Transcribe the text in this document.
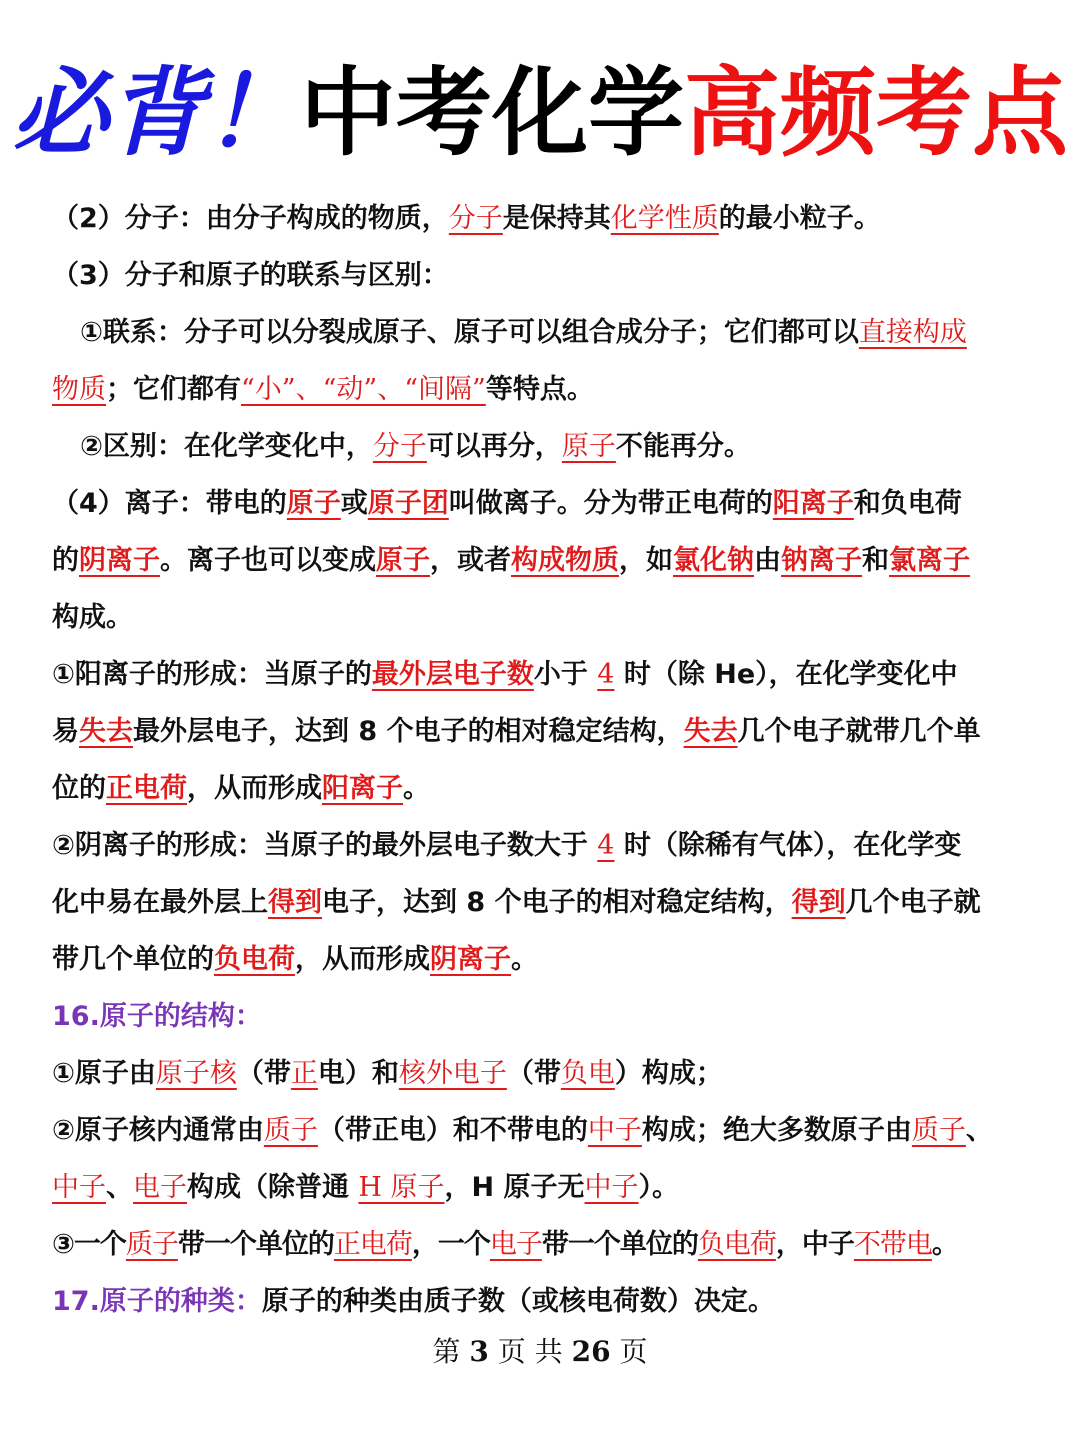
必背！中考化学高频考点

（2）分子：由分子构成的物质，分子是保持其化学性质的最小粒子。

（3）分子和原子的联系与区别：

①联系：分子可以分裂成原子、原子可以组合成分子；它们都可以直接构成

物质；它们都有“小”、“动”、“间隔”等特点。

②区别：在化学变化中，分子可以再分，原子不能再分。

（4）离子：带电的原子或原子团叫做离子。分为带正电荷的阳离子和负电荷

的阴离子。离子也可以变成原子，或者构成物质，如氯化钠由钠离子和氯离子

构成。

①阳离子的形成：当原子的最外层电子数小于 4 时（除 He），在化学变化中

易失去最外层电子，达到 8 个电子的相对稳定结构，失去几个电子就带几个单

位的正电荷，从而形成阳离子。

②阴离子的形成：当原子的最外层电子数大于 4 时（除稀有气体），在化学变

化中易在最外层上得到电子，达到 8 个电子的相对稳定结构，得到几个电子就

带几个单位的负电荷，从而形成阴离子。

16.原子的结构：

①原子由原子核（带正电）和核外电子（带负电）构成；

②原子核内通常由质子（带正电）和不带电的中子构成；绝大多数原子由质子、

中子、电子构成（除普通 H 原子，H 原子无中子）。

③一个质子带一个单位的正电荷，一个电子带一个单位的负电荷，中子不带电。

17.原子的种类：原子的种类由质子数（或核电荷数）决定。

第 3 页 共 26 页
